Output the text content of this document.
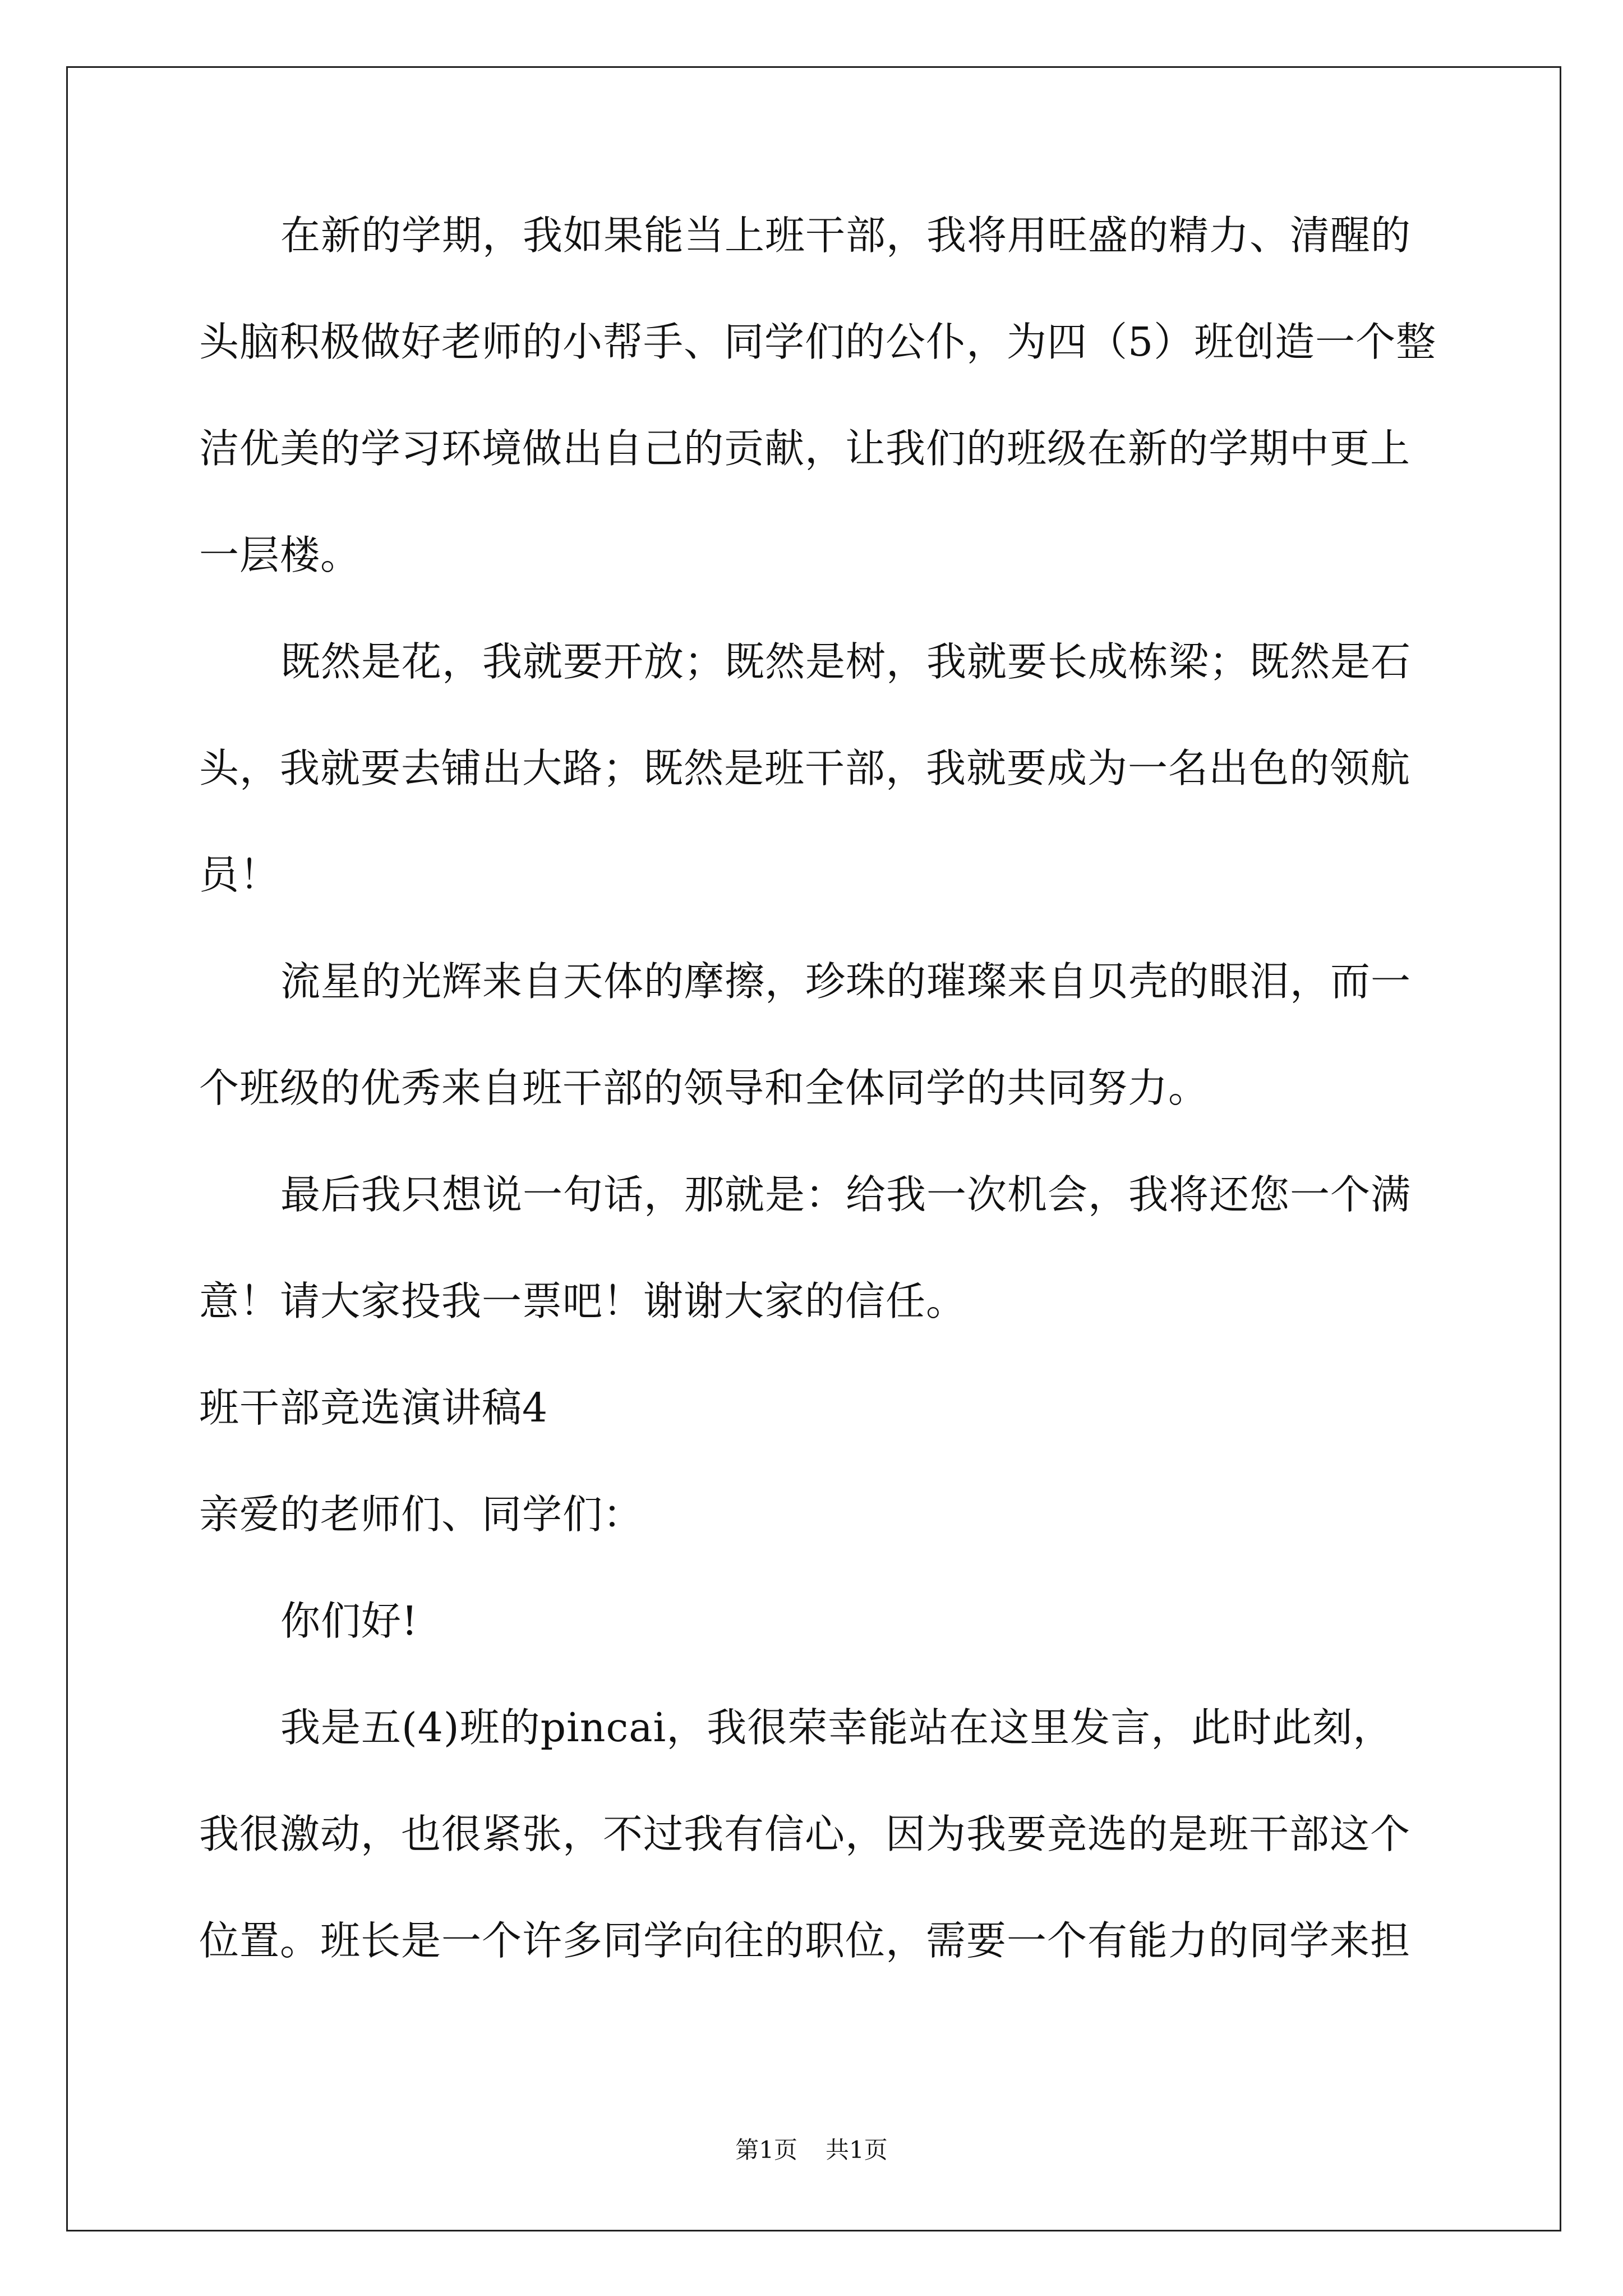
在新的学期，我如果能当上班干部，我将用旺盛的精力、清醒的

头脑积极做好老师的小帮手、同学们的公仆，为四（5）班创造一个整

洁优美的学习环境做出自己的贡献，让我们的班级在新的学期中更上

一层楼。

既然是花，我就要开放；既然是树，我就要长成栋梁；既然是石

头，我就要去铺出大路；既然是班干部，我就要成为一名出色的领航

员！

流星的光辉来自天体的摩擦，珍珠的璀璨来自贝壳的眼泪，而一

个班级的优秀来自班干部的领导和全体同学的共同努力。

最后我只想说一句话，那就是：给我一次机会，我将还您一个满

意！请大家投我一票吧！谢谢大家的信任。

班干部竞选演讲稿4

亲爱的老师们、同学们：

你们好!

我是五(4)班的pincai，我很荣幸能站在这里发言，此时此刻，

我很激动，也很紧张，不过我有信心，因为我要竞选的是班干部这个

位置。班长是一个许多同学向往的职位，需要一个有能力的同学来担

第1页 共1页
